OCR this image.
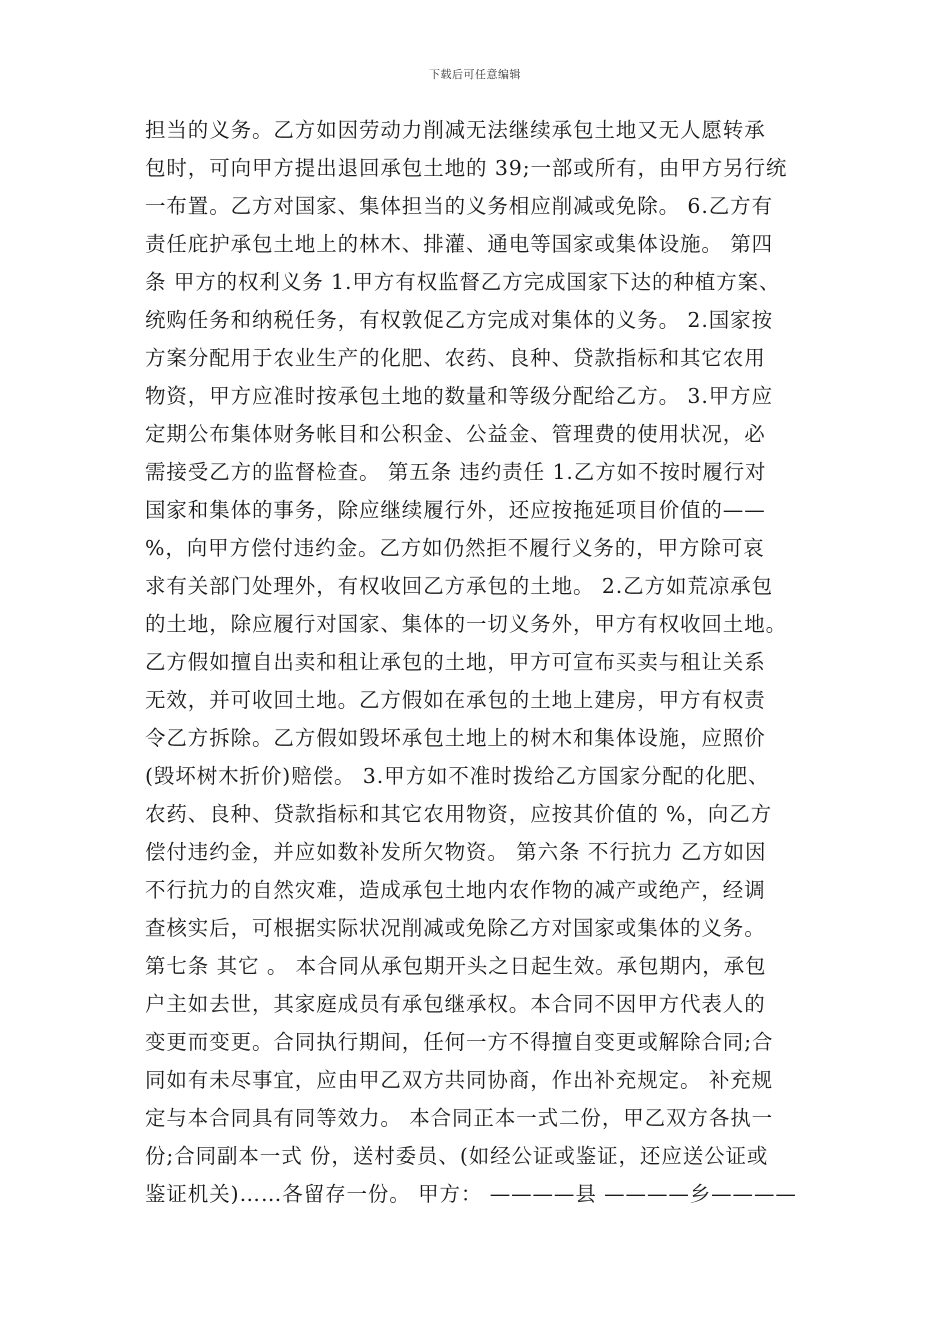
下载后可任意编辑
担当的义务。乙方如因劳动力削减无法继续承包土地又无人愿转承
包时，可向甲方提出退回承包土地的 39;一部或所有，由甲方另行统
一布置。乙方对国家、集体担当的义务相应削减或免除。 6.乙方有
责任庇护承包土地上的林木、排灌、通电等国家或集体设施。 第四
条 甲方的权利义务 1.甲方有权监督乙方完成国家下达的种植方案、
统购任务和纳税任务，有权敦促乙方完成对集体的义务。 2.国家按
方案分配用于农业生产的化肥、农药、良种、贷款指标和其它农用
物资，甲方应准时按承包土地的数量和等级分配给乙方。 3.甲方应
定期公布集体财务帐目和公积金、公益金、管理费的使用状况，必
需接受乙方的监督检查。 第五条 违约责任 1.乙方如不按时履行对
国家和集体的事务，除应继续履行外，还应按拖延项目价值的——
%，向甲方偿付违约金。乙方如仍然拒不履行义务的，甲方除可哀
求有关部门处理外，有权收回乙方承包的土地。 2.乙方如荒凉承包
的土地，除应履行对国家、集体的一切义务外，甲方有权收回土地。
乙方假如擅自出卖和租让承包的土地，甲方可宣布买卖与租让关系
无效，并可收回土地。乙方假如在承包的土地上建房，甲方有权责
令乙方拆除。乙方假如毁坏承包土地上的树木和集体设施，应照价
(毁坏树木折价)赔偿。 3.甲方如不准时拨给乙方国家分配的化肥、
农药、良种、贷款指标和其它农用物资，应按其价值的 %，向乙方
偿付违约金，并应如数补发所欠物资。 第六条 不行抗力 乙方如因
不行抗力的自然灾难，造成承包土地内农作物的减产或绝产，经调
查核实后，可根据实际状况削减或免除乙方对国家或集体的义务。
第七条 其它 。 本合同从承包期开头之日起生效。承包期内，承包
户主如去世，其家庭成员有承包继承权。本合同不因甲方代表人的
变更而变更。合同执行期间，任何一方不得擅自变更或解除合同;合
同如有未尽事宜，应由甲乙双方共同协商，作出补充规定。 补充规
定与本合同具有同等效力。 本合同正本一式二份，甲乙双方各执一
份;合同副本一式 份，送村委员、(如经公证或鉴证，还应送公证或
鉴证机关)……各留存一份。 甲方： ————县 ————乡————
